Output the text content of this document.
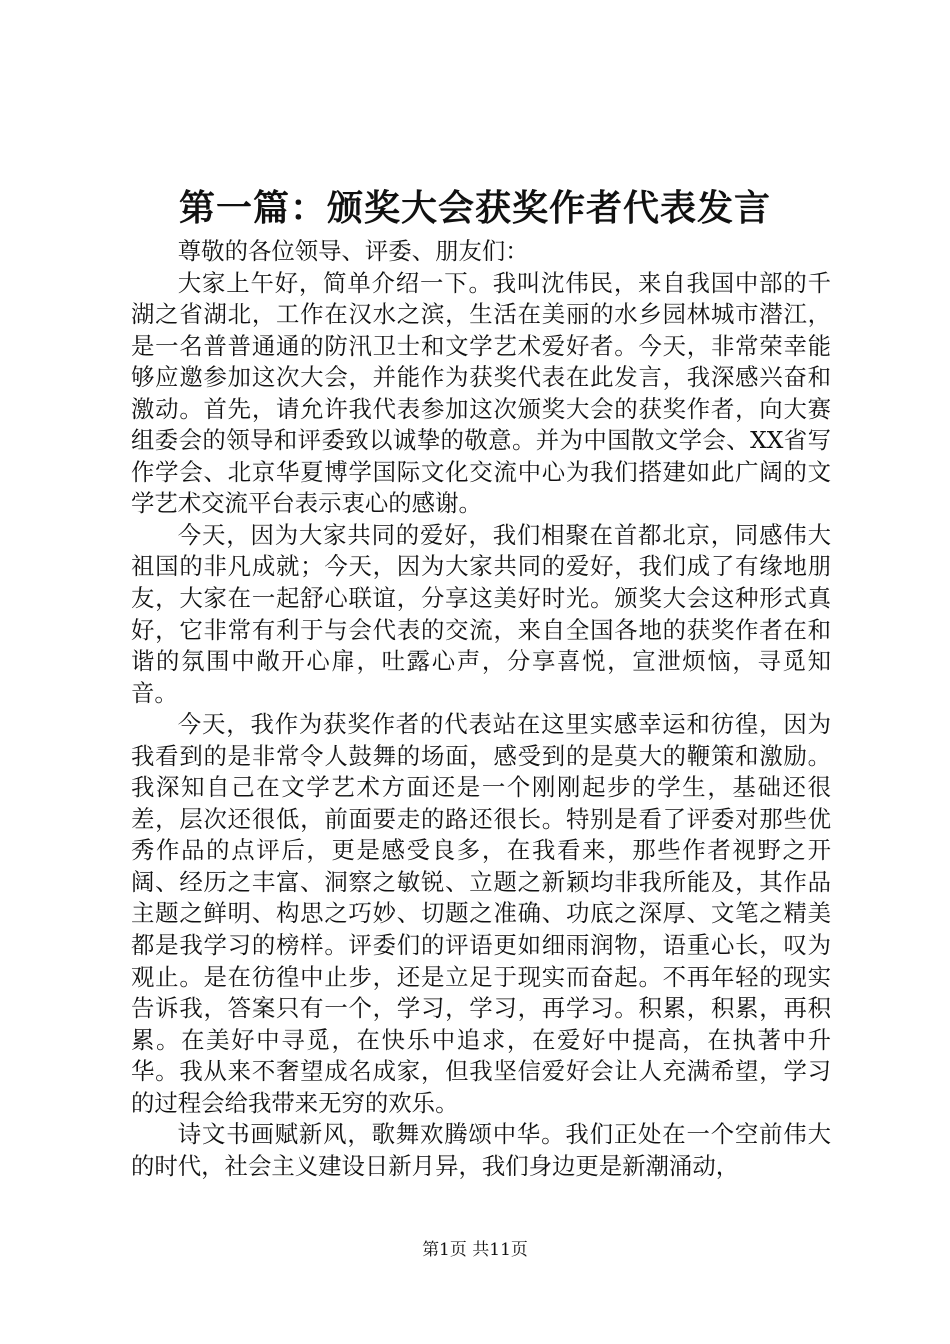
第一篇：颁奖大会获奖作者代表发言

尊敬的各位领导、评委、朋友们：

大家上午好，简单介绍一下。我叫沈伟民，来自我国中部的千湖之省湖北，工作在汉水之滨，生活在美丽的水乡园林城市潜江，是一名普普通通的防汛卫士和文学艺术爱好者。今天，非常荣幸能够应邀参加这次大会，并能作为获奖代表在此发言，我深感兴奋和激动。首先，请允许我代表参加这次颁奖大会的获奖作者，向大赛组委会的领导和评委致以诚挚的敬意。并为中国散文学会、XX省写作学会、北京华夏博学国际文化交流中心为我们搭建如此广阔的文学艺术交流平台表示衷心的感谢。

今天，因为大家共同的爱好，我们相聚在首都北京，同感伟大祖国的非凡成就；今天，因为大家共同的爱好，我们成了有缘地朋友，大家在一起舒心联谊，分享这美好时光。颁奖大会这种形式真好，它非常有利于与会代表的交流，来自全国各地的获奖作者在和谐的氛围中敞开心扉，吐露心声，分享喜悦，宣泄烦恼，寻觅知音。

今天，我作为获奖作者的代表站在这里实感幸运和彷徨，因为我看到的是非常令人鼓舞的场面，感受到的是莫大的鞭策和激励。我深知自己在文学艺术方面还是一个刚刚起步的学生，基础还很差，层次还很低，前面要走的路还很长。特别是看了评委对那些优秀作品的点评后，更是感受良多，在我看来，那些作者视野之开阔、经历之丰富、洞察之敏锐、立题之新颖均非我所能及，其作品主题之鲜明、构思之巧妙、切题之准确、功底之深厚、文笔之精美都是我学习的榜样。评委们的评语更如细雨润物，语重心长，叹为观止。是在彷徨中止步，还是立足于现实而奋起。不再年轻的现实告诉我，答案只有一个，学习，学习，再学习。积累，积累，再积累。在美好中寻觅，在快乐中追求，在爱好中提高，在执著中升华。我从来不奢望成名成家，但我坚信爱好会让人充满希望，学习的过程会给我带来无穷的欢乐。

诗文书画赋新风，歌舞欢腾颂中华。我们正处在一个空前伟大的时代，社会主义建设日新月异，我们身边更是新潮涌动，

第1页 共11页
